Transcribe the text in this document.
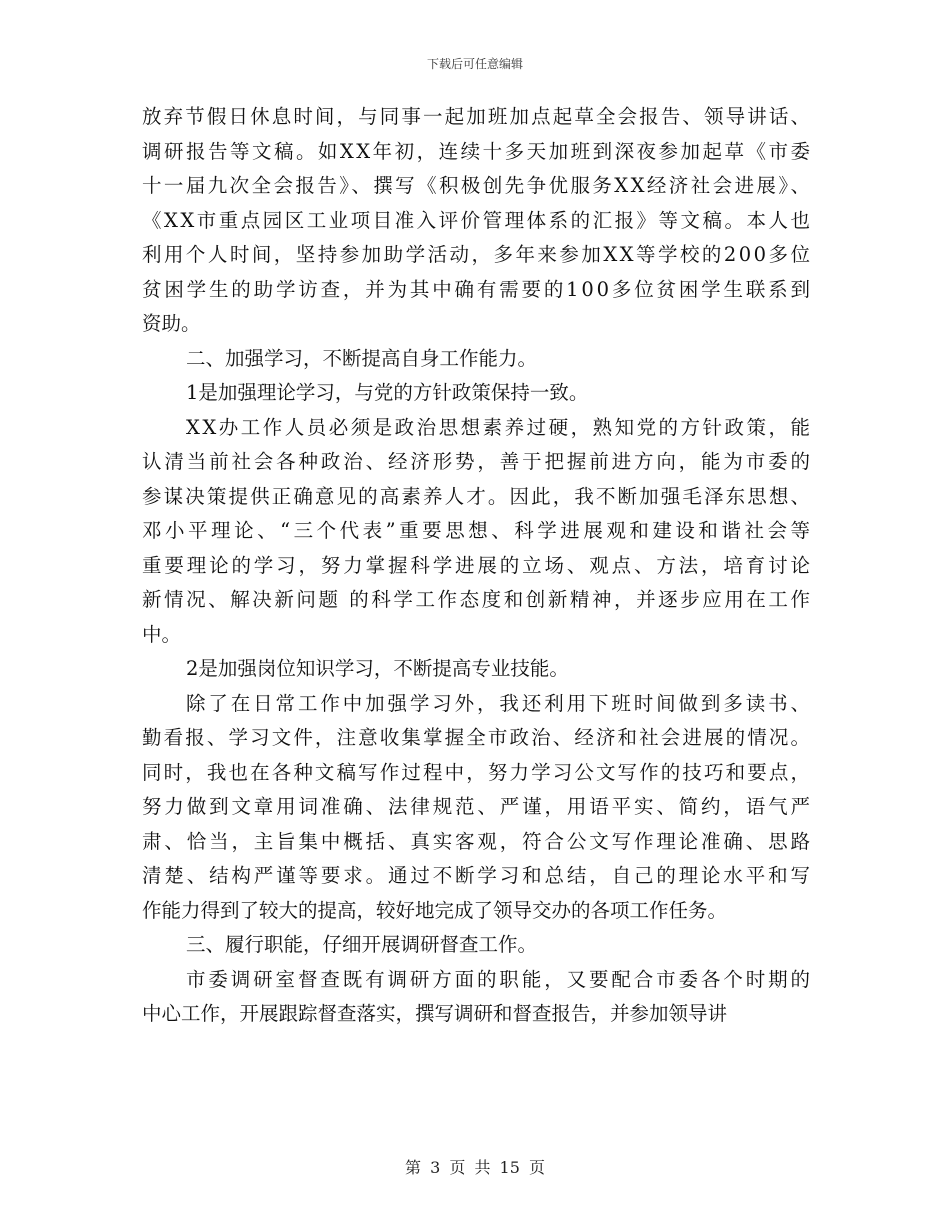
下载后可任意编辑
放弃节假日休息时间，与同事一起加班加点起草全会报告、领导讲话、
调研报告等文稿。如XX年初，连续十多天加班到深夜参加起草《市委
十一届九次全会报告》、撰写《积极创先争优服务XX经济社会进展》、
《XX市重点园区工业项目准入评价管理体系的汇报》等文稿。本人也
利用个人时间，坚持参加助学活动，多年来参加XX等学校的200多位
贫困学生的助学访查，并为其中确有需要的100多位贫困学生联系到
资助。
二、加强学习，不断提高自身工作能力。
1是加强理论学习，与党的方针政策保持一致。
XX办工作人员必须是政治思想素养过硬，熟知党的方针政策，能
认清当前社会各种政治、经济形势，善于把握前进方向，能为市委的
参谋决策提供正确意见的高素养人才。因此，我不断加强毛泽东思想、
邓小平理论、“三个代表”重要思想、科学进展观和建设和谐社会等
重要理论的学习，努力掌握科学进展的立场、观点、方法，培育讨论
新情况、解决新问题 的科学工作态度和创新精神，并逐步应用在工作
中。
2是加强岗位知识学习，不断提高专业技能。
除了在日常工作中加强学习外，我还利用下班时间做到多读书、
勤看报、学习文件，注意收集掌握全市政治、经济和社会进展的情况。
同时，我也在各种文稿写作过程中，努力学习公文写作的技巧和要点，
努力做到文章用词准确、法律规范、严谨，用语平实、简约，语气严
肃、恰当，主旨集中概括、真实客观，符合公文写作理论准确、思路
清楚、结构严谨等要求。通过不断学习和总结，自己的理论水平和写
作能力得到了较大的提高，较好地完成了领导交办的各项工作任务。
三、履行职能，仔细开展调研督查工作。
市委调研室督查既有调研方面的职能，又要配合市委各个时期的
中心工作，开展跟踪督查落实，撰写调研和督查报告，并参加领导讲
第 3 页 共 15 页
